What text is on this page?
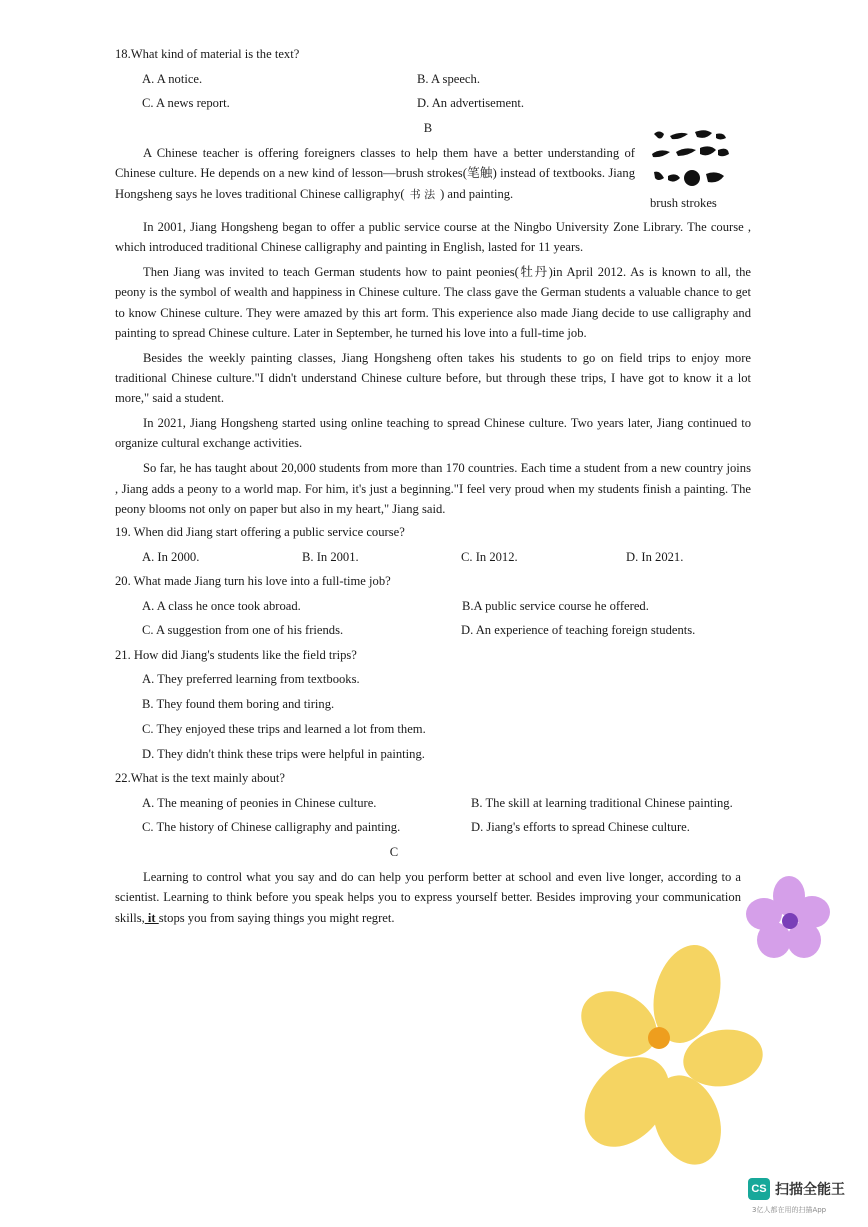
18.What kind of material is the text?
A. A notice.	B. A speech.
C. A news report.	D. An advertisement.
B

A Chinese teacher is offering foreigners classes to help them have a better understanding of Chinese culture. He depends on a new kind of lesson—brush strokes(笔触) instead of textbooks. Jiang Hongsheng says he loves traditional Chinese calligraphy( 书 法 ) and painting.

brush strokes

In 2001, Jiang Hongsheng began to offer a public service course at the Ningbo University Zone Library. The course , which introduced traditional Chinese calligraphy and painting in English, lasted for 11 years.

Then Jiang was invited to teach German students how to paint peonies(牡丹)in April 2012. As is known to all, the peony is the symbol of wealth and happiness in Chinese culture. The class gave the German students a valuable chance to get to know Chinese culture. They were amazed by this art form. This experience also made Jiang decide to use calligraphy and painting to spread Chinese culture. Later in September, he turned his love into a full-time job.

Besides the weekly painting classes, Jiang Hongsheng often takes his students to go on field trips to enjoy more traditional Chinese culture."I didn't understand Chinese culture before, but through these trips, I have got to know it a lot more," said a student.

In 2021, Jiang Hongsheng started using online teaching to spread Chinese culture. Two years later, Jiang continued to organize cultural exchange activities.

So far, he has taught about 20,000 students from more than 170 countries. Each time a student from a new country joins , Jiang adds a peony to a world map. For him, it's just a beginning."I feel very proud when my students finish a painting. The peony blooms not only on paper but also in my heart," Jiang said.

19. When did Jiang start offering a public service course?
A. In 2000.	B. In 2001.	C. In 2012.	D. In 2021.
20. What made Jiang turn his love into a full-time job?
A. A class he once took abroad.	B.A public service course he offered.
C. A suggestion from one of his friends.	D. An experience of teaching foreign students.
21. How did Jiang's students like the field trips?
A. They preferred learning from textbooks.
B. They found them boring and tiring.
C. They enjoyed these trips and learned a lot from them.
D. They didn't think these trips were helpful in painting.
22.What is the text mainly about?
A. The meaning of peonies in Chinese culture.	B. The skill at learning traditional Chinese painting.
C. The history of Chinese calligraphy and painting.	D. Jiang's efforts to spread Chinese culture.
C

Learning to control what you say and do can help you perform better at school and even live longer, according to a scientist. Learning to think before you speak helps you to express yourself better. Besides improving your communication skills, it stops you from saying things you might regret.

CS 扫描全能王
3亿人都在用的扫描App
